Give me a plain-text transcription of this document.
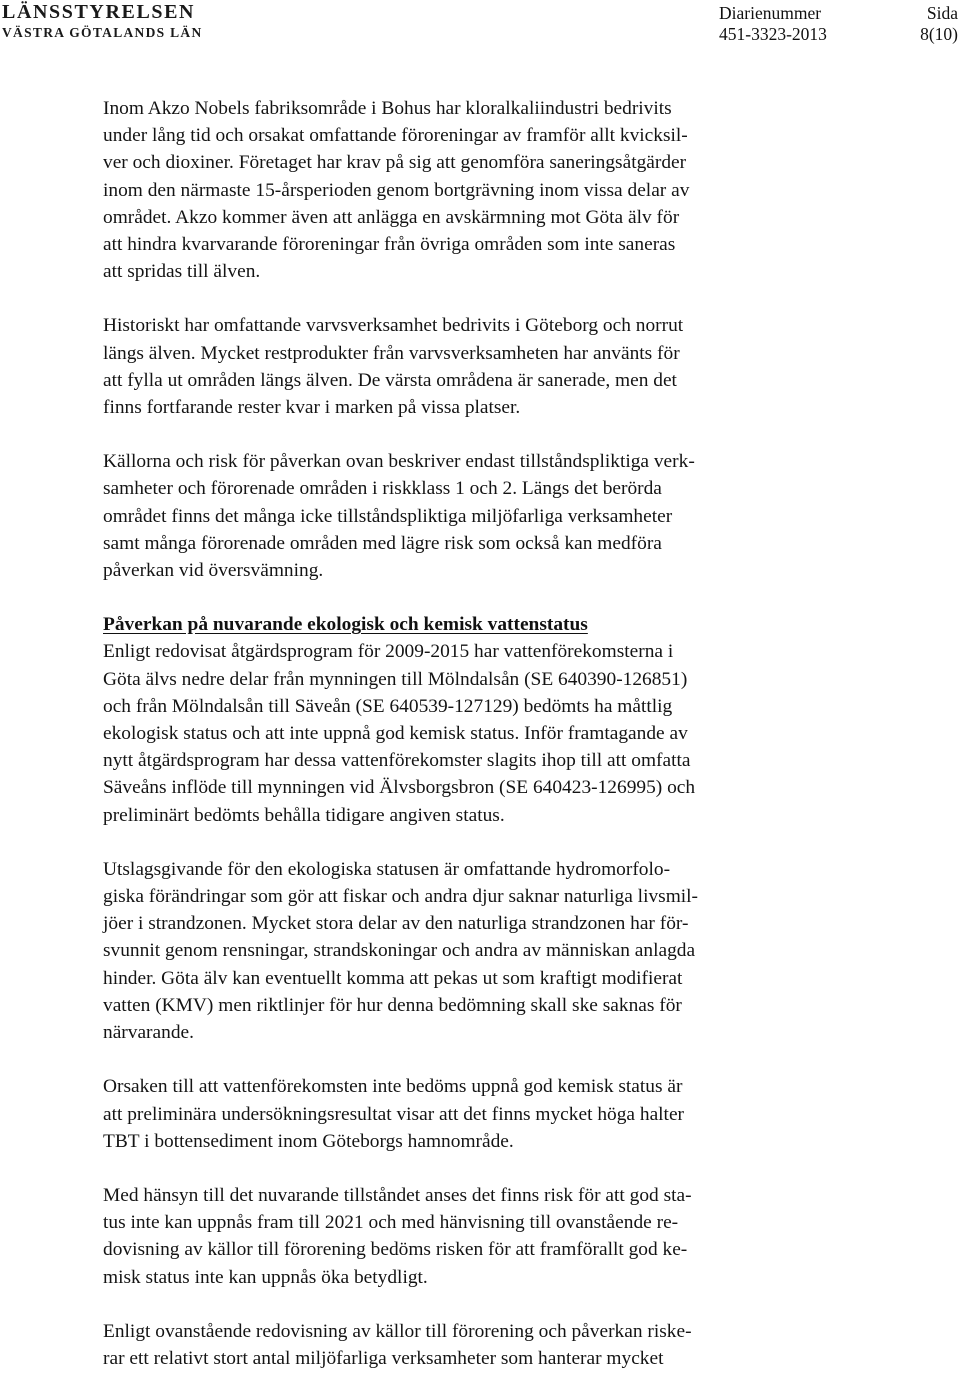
LÄNSSTYRELSEN
VÄSTRA GÖTALANDS LÄN
Diarienummer
451-3323-2013
Sida
8(10)

Inom Akzo Nobels fabriksområde i Bohus har kloralkaliindustri bedrivits
under lång tid och orsakat omfattande föroreningar av framför allt kvicksil-
ver och dioxiner. Företaget har krav på sig att genomföra saneringsåtgärder
inom den närmaste 15-årsperioden genom bortgrävning inom vissa delar av
området. Akzo kommer även att anlägga en avskärmning mot Göta älv för
att hindra kvarvarande föroreningar från övriga områden som inte saneras
att spridas till älven.

Historiskt har omfattande varvsverksamhet bedrivits i Göteborg och norrut
längs älven. Mycket restprodukter från varvsverksamheten har använts för
att fylla ut områden längs älven. De värsta områdena är sanerade, men det
finns fortfarande rester kvar i marken på vissa platser.

Källorna och risk för påverkan ovan beskriver endast tillståndspliktiga verk-
samheter och förorenade områden i riskklass 1 och 2. Längs det berörda
området finns det många icke tillståndspliktiga miljöfarliga verksamheter
samt många förorenade områden med lägre risk som också kan medföra
påverkan vid översvämning.

Påverkan på nuvarande ekologisk och kemisk vattenstatus

Enligt redovisat åtgärdsprogram för 2009-2015 har vattenförekomsterna i
Göta älvs nedre delar från mynningen till Mölndalsån (SE 640390-126851)
och från Mölndalsån till Säveån (SE 640539-127129) bedömts ha måttlig
ekologisk status och att inte uppnå god kemisk status. Inför framtagande av
nytt åtgärdsprogram har dessa vattenförekomster slagits ihop till att omfatta
Säveåns inflöde till mynningen vid Älvsborgsbron (SE 640423-126995) och
preliminärt bedömts behålla tidigare angiven status.

Utslagsgivande för den ekologiska statusen är omfattande hydromorfolo-
giska förändringar som gör att fiskar och andra djur saknar naturliga livsmil-
jöer i strandzonen. Mycket stora delar av den naturliga strandzonen har för-
svunnit genom rensningar, strandskoningar och andra av människan anlagda
hinder. Göta älv kan eventuellt komma att pekas ut som kraftigt modifierat
vatten (KMV) men riktlinjer för hur denna bedömning skall ske saknas för
närvarande.

Orsaken till att vattenförekomsten inte bedöms uppnå god kemisk status är
att preliminära undersökningsresultat visar att det finns mycket höga halter
TBT i bottensediment inom Göteborgs hamnområde.

Med hänsyn till det nuvarande tillståndet anses det finns risk för att god sta-
tus inte kan uppnås fram till 2021 och med hänvisning till ovanstående re-
dovisning av källor till förorening bedöms risken för att framförallt god ke-
misk status inte kan uppnås öka betydligt.

Enligt ovanstående redovisning av källor till förorening och påverkan riske-
rar ett relativt stort antal miljöfarliga verksamheter som hanterar mycket
